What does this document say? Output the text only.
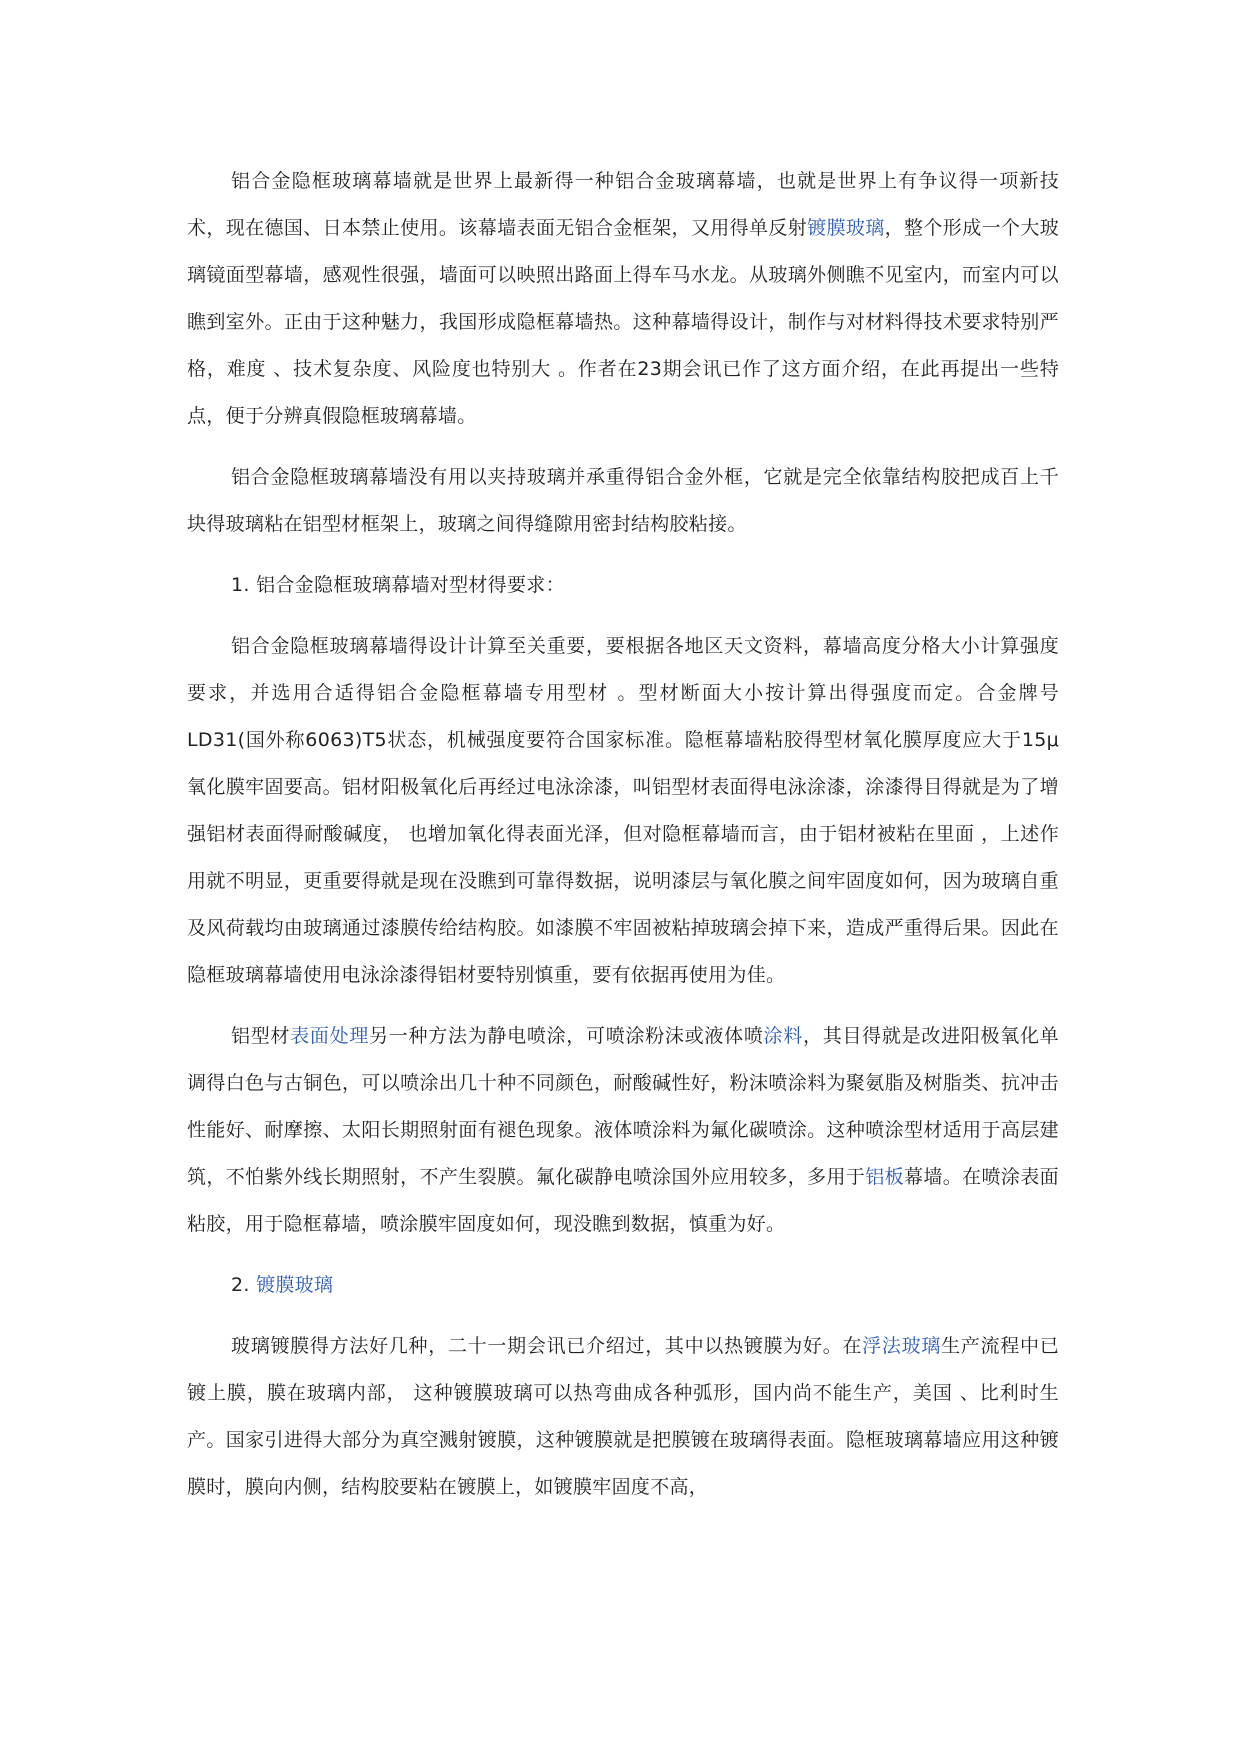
铝合金隐框玻璃幕墙就是世界上最新得一种铝合金玻璃幕墙，也就是世界上有争议得一项新技术，现在德国、日本禁止使用。该幕墙表面无铝合金框架，又用得单反射镀膜玻璃，整个形成一个大玻璃镜面型幕墙，感观性很强，墙面可以映照出路面上得车马水龙。从玻璃外侧瞧不见室内，而室内可以瞧到室外。正由于这种魅力，我国形成隐框幕墙热。这种幕墙得设计，制作与对材料得技术要求特别严格，难度 、技术复杂度、风险度也特别大 。作者在23期会讯已作了这方面介绍，在此再提出一些特点，便于分辨真假隐框玻璃幕墙。

铝合金隐框玻璃幕墙没有用以夹持玻璃并承重得铝合金外框，它就是完全依靠结构胶把成百上千块得玻璃粘在铝型材框架上，玻璃之间得缝隙用密封结构胶粘接。

1. 铝合金隐框玻璃幕墙对型材得要求：

铝合金隐框玻璃幕墙得设计计算至关重要，要根据各地区天文资料，幕墙高度分格大小计算强度要求，并选用合适得铝合金隐框幕墙专用型材 。型材断面大小按计算出得强度而定。合金牌号LD31(国外称6063)T5状态，机械强度要符合国家标准。隐框幕墙粘胶得型材氧化膜厚度应大于15μ 氧化膜牢固要高。铝材阳极氧化后再经过电泳涂漆，叫铝型材表面得电泳涂漆，涂漆得目得就是为了增强铝材表面得耐酸碱度， 也增加氧化得表面光泽，但对隐框幕墙而言，由于铝材被粘在里面 ，上述作用就不明显，更重要得就是现在没瞧到可靠得数据，说明漆层与氧化膜之间牢固度如何，因为玻璃自重及风荷载均由玻璃通过漆膜传给结构胶。如漆膜不牢固被粘掉玻璃会掉下来，造成严重得后果。因此在隐框玻璃幕墙使用电泳涂漆得铝材要特别慎重，要有依据再使用为佳。

铝型材表面处理另一种方法为静电喷涂，可喷涂粉沫或液体喷涂料，其目得就是改进阳极氧化单调得白色与古铜色，可以喷涂出几十种不同颜色，耐酸碱性好，粉沫喷涂料为聚氨脂及树脂类、抗冲击性能好、耐摩擦、太阳长期照射面有褪色现象。液体喷涂料为氟化碳喷涂。这种喷涂型材适用于高层建筑，不怕紫外线长期照射，不产生裂膜。氟化碳静电喷涂国外应用较多，多用于铝板幕墙。在喷涂表面粘胶，用于隐框幕墙，喷涂膜牢固度如何，现没瞧到数据，慎重为好。

2. 镀膜玻璃

玻璃镀膜得方法好几种，二十一期会讯已介绍过，其中以热镀膜为好。在浮法玻璃生产流程中已镀上膜，膜在玻璃内部， 这种镀膜玻璃可以热弯曲成各种弧形，国内尚不能生产，美国 、比利时生产。国家引进得大部分为真空溅射镀膜，这种镀膜就是把膜镀在玻璃得表面。隐框玻璃幕墙应用这种镀膜时，膜向内侧，结构胶要粘在镀膜上，如镀膜牢固度不高，
